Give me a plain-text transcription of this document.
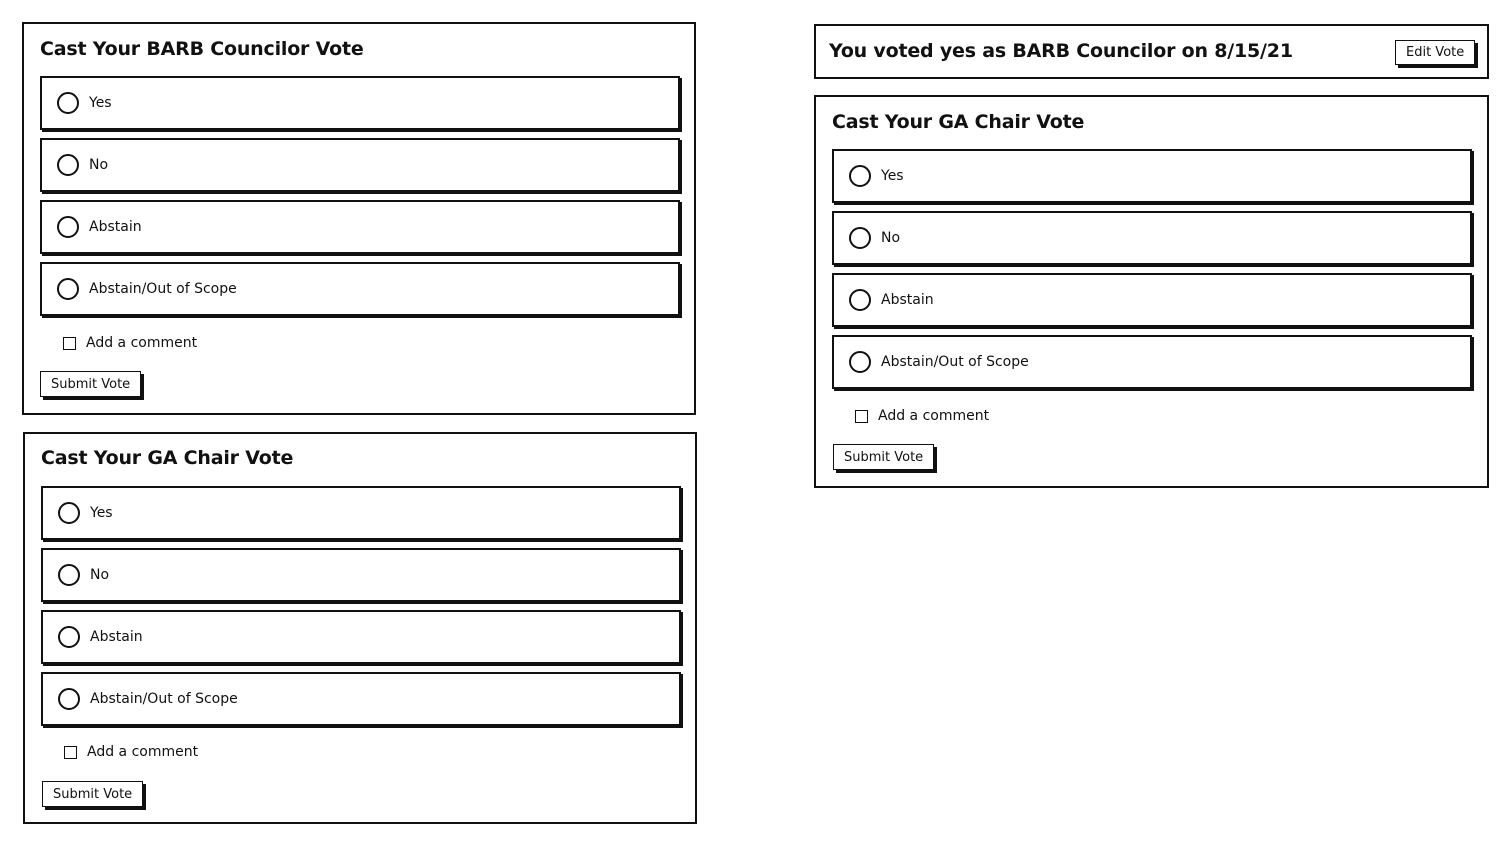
Cast Your BARB Councilor Vote
Yes
No
Abstain
Abstain/Out of Scope
Add a comment
Submit Vote
Cast Your GA Chair Vote
Yes
No
Abstain
Abstain/Out of Scope
Add a comment
Submit Vote
You voted yes as BARB Councilor on 8/15/21	Edit Vote
Cast Your GA Chair Vote
Yes
No
Abstain
Abstain/Out of Scope
Add a comment
Submit Vote
